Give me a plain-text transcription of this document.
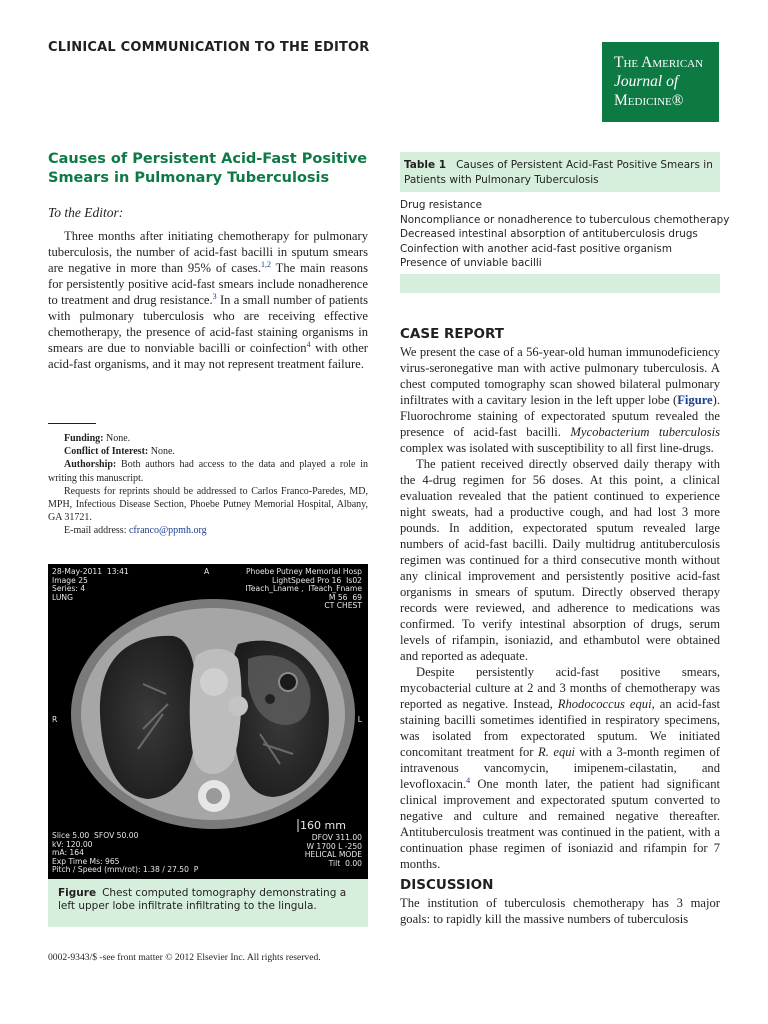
CLINICAL COMMUNICATION TO THE EDITOR
The American
Journal of
Medicine®
Causes of Persistent Acid-Fast Positive Smears in Pulmonary Tuberculosis
To the Editor:

Three months after initiating chemotherapy for pulmonary tuberculosis, the number of acid-fast bacilli in sputum smears are negative in more than 95% of cases.$^{1,2}$ The main reasons for persistently positive acid-fast smears include nonadherence to treatment and drug resistance.$^3$ In a small number of patients with pulmonary tuberculosis who are receiving effective chemotherapy, the presence of acid-fast staining organisms in smears are due to nonviable bacilli or coinfection$^4$ with other acid-fast organisms, and it may not represent treatment failure.

Funding: None.

Conflict of Interest: None.

Authorship: Both authors had access to the data and played a role in writing this manuscript.

Requests for reprints should be addressed to Carlos Franco-Paredes, MD, MPH, Infectious Disease Section, Phoebe Putney Memorial Hospital, Albany, GA 31721.

E-mail address: cfranco@ppmh.org

28-May-2011  13:41
Image 25
Series: 4
LUNG
A	Phoebe Putney Memorial Hosp
LightSpeed Pro 16  Is02
ITeach_Lname ,  ITeach_Fname
M 56  69
CT CHEST
R	L
160 mm
Slice 5.00  SFOV 50.00
kV: 120.00
mA: 164
Exp Time Ms: 965
Pitch / Speed (mm/rot): 1.38 / 27.50  P
DFOV 311.00
W 1700 L -250
HELICAL MODE
Tilt  0.00
Figure Chest computed tomography demonstrating a left upper lobe infiltrate infiltrating to the lingula.
0002-9343/$ -see front matter © 2012 Elsevier Inc. All rights reserved.
Table 1 Causes of Persistent Acid-Fast Positive Smears in Patients with Pulmonary Tuberculosis
Drug resistance
Noncompliance or nonadherence to tuberculous chemotherapy
Decreased intestinal absorption of antituberculosis drugs
Coinfection with another acid-fast positive organism
Presence of unviable bacilli
CASE REPORT

We present the case of a 56-year-old human immunodeficiency virus-seronegative man with active pulmonary tuberculosis. A chest computed tomography scan showed bilateral pulmonary infiltrates with a cavitary lesion in the left upper lobe (Figure). Fluorochrome staining of expectorated sputum revealed the presence of acid-fast bacilli. Mycobacterium tuberculosis complex was isolated with susceptibility to all first line-drugs.

The patient received directly observed daily therapy with the 4-drug regimen for 56 doses. At this point, a clinical evaluation revealed that the patient continued to experience night sweats, had a productive cough, and had lost 3 more pounds. In addition, expectorated sputum revealed large numbers of acid-fast bacilli. Daily multidrug antituberculosis regimen was continued for a third consecutive month without any clinical improvement and persistently positive acid-fast organisms in smears of sputum. Directly observed therapy records were reviewed, and adherence to medications was confirmed. To verify intestinal absorption of drugs, serum levels of rifampin, isoniazid, and ethambutol were obtained and reported as adequate.

Despite persistently acid-fast positive smears, mycobacterial culture at 2 and 3 months of chemotherapy was reported as negative. Instead, Rhodococcus equi, an acid-fast staining bacilli sometimes identified in respiratory specimens, was isolated from expectorated sputum. We initiated concomitant treatment for R. equi with a 3-month regimen of intravenous vancomycin, imipenem-cilastatin, and levofloxacin.$^4$ One month later, the patient had significant clinical improvement and expectorated sputum converted to negative and culture and remained negative thereafter. Antituberculosis treatment was continued in the patient, with a continuation phase regimen of isoniazid and rifampin for 7 months.

DISCUSSION

The institution of tuberculosis chemotherapy has 3 major goals: to rapidly kill the massive numbers of tuberculosis
